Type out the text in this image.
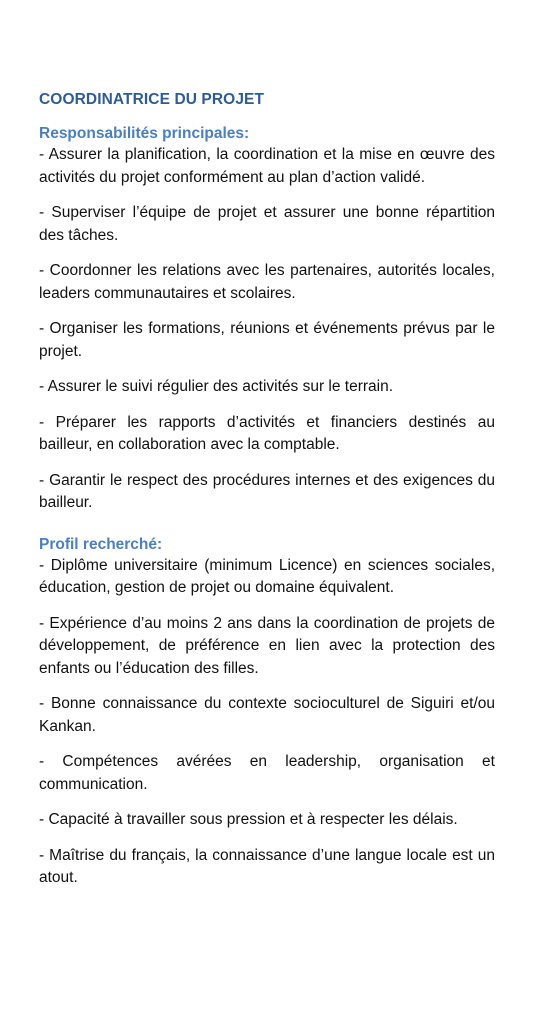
COORDINATRICE DU PROJET
Responsabilités principales:

- Assurer la planification, la coordination et la mise en œuvre des activités du projet conformément au plan d’action validé.

- Superviser l’équipe de projet et assurer une bonne répartition des tâches.

- Coordonner les relations avec les partenaires, autorités locales, leaders communautaires et scolaires.

- Organiser les formations, réunions et événements prévus par le projet.

- Assurer le suivi régulier des activités sur le terrain.

- Préparer les rapports d’activités et financiers destinés au bailleur, en collaboration avec la comptable.

- Garantir le respect des procédures internes et des exigences du bailleur.

Profil recherché:

- Diplôme universitaire (minimum Licence) en sciences sociales, éducation, gestion de projet ou domaine équivalent.

- Expérience d’au moins 2 ans dans la coordination de projets de développement, de préférence en lien avec la protection des enfants ou l’éducation des filles.

- Bonne connaissance du contexte socioculturel de Siguiri et/ou Kankan.

- Compétences avérées en leadership, organisation et communication.

- Capacité à travailler sous pression et à respecter les délais.

- Maîtrise du français, la connaissance d’une langue locale est un atout.
